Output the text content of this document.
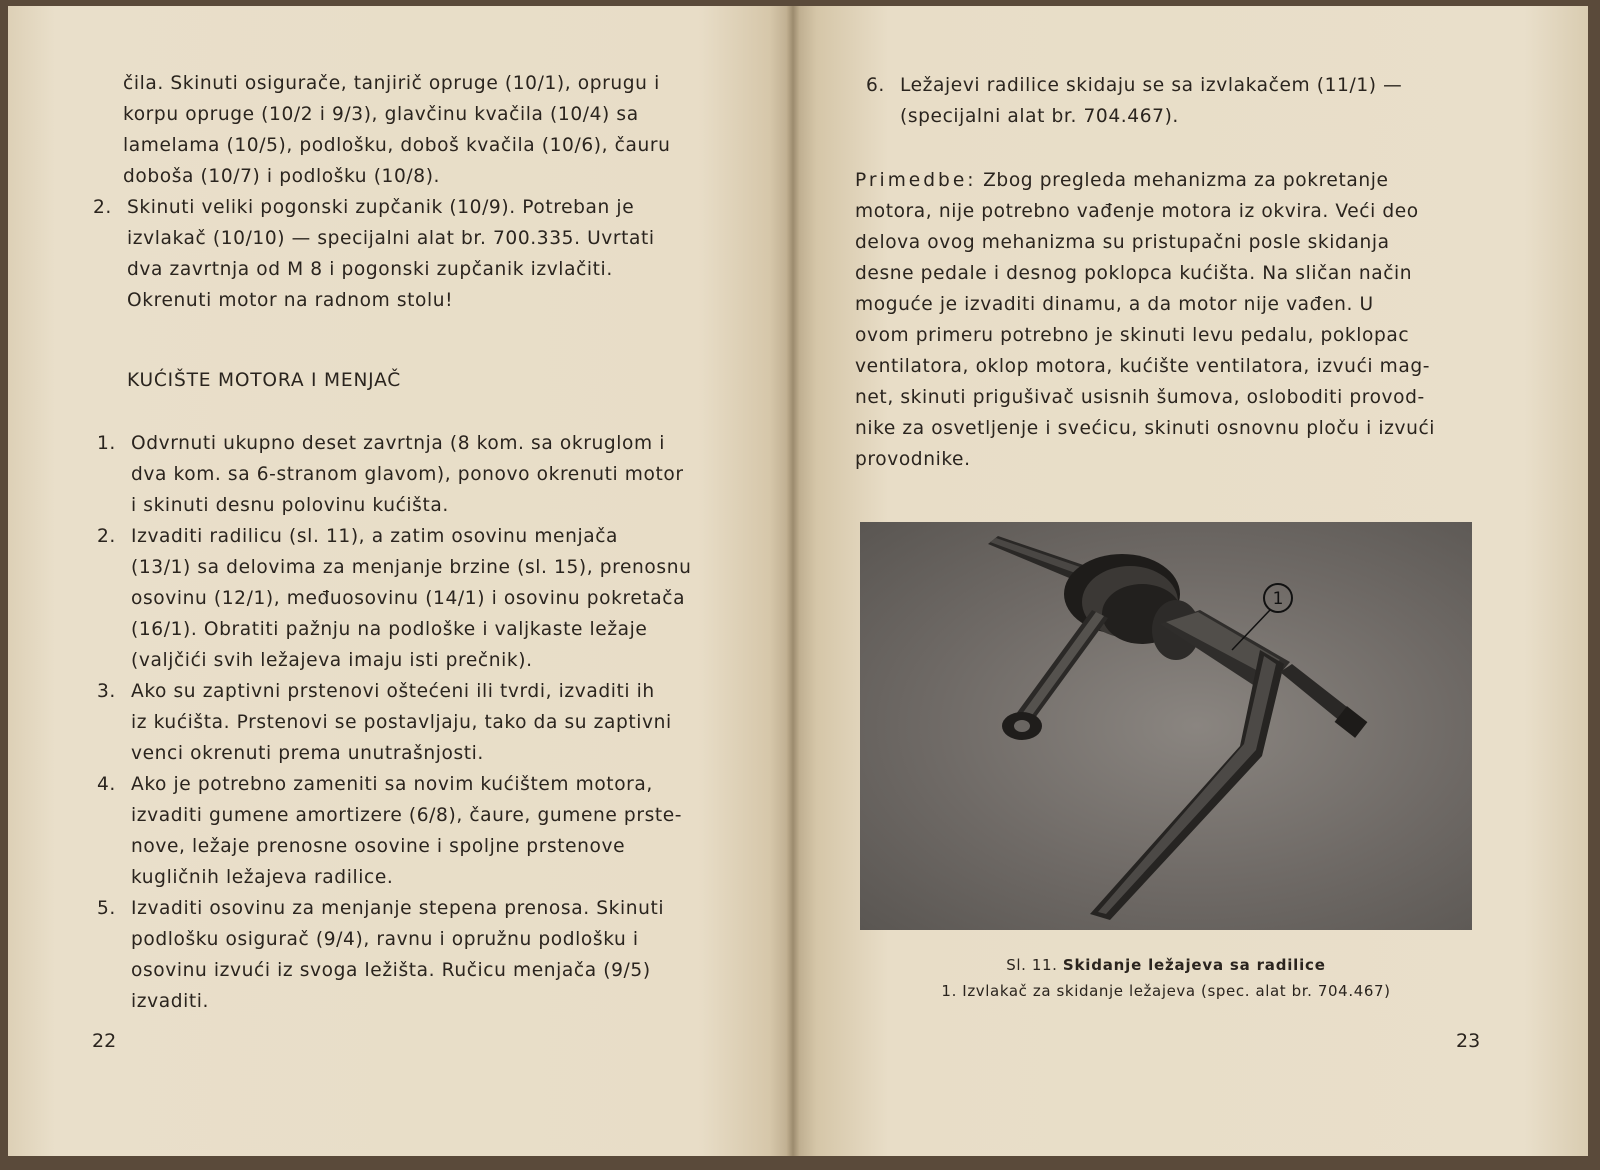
čila. Skinuti osigurače, tanjirič opruge (10/1), oprugu i
korpu opruge (10/2 i 9/3), glavčinu kvačila (10/4) sa
lamelama (10/5), podlošku, doboš kvačila (10/6), čauru
doboša (10/7) i podlošku (10/8).
2. Skinuti veliki pogonski zupčanik (10/9). Potreban je
izvlakač (10/10) — specijalni alat br. 700.335. Uvrtati
dva zavrtnja od M 8 i pogonski zupčanik izvlačiti.
Okrenuti motor na radnom stolu!
KUĆIŠTE MOTORA I MENJAČ
1. Odvrnuti ukupno deset zavrtnja (8 kom. sa okruglom i
dva kom. sa 6-stranom glavom), ponovo okrenuti motor
i skinuti desnu polovinu kućišta.
2. Izvaditi radilicu (sl. 11), a zatim osovinu menjača
(13/1) sa delovima za menjanje brzine (sl. 15), prenosnu
osovinu (12/1), međuosovinu (14/1) i osovinu pokretača
(16/1). Obratiti pažnju na podloške i valjkaste ležaje
(valjčići svih ležajeva imaju isti prečnik).
3. Ako su zaptivni prstenovi oštećeni ili tvrdi, izvaditi ih
iz kućišta. Prstenovi se postavljaju, tako da su zaptivni
venci okrenuti prema unutrašnjosti.
4. Ako je potrebno zameniti sa novim kućištem motora,
izvaditi gumene amortizere (6/8), čaure, gumene prste-
nove, ležaje prenosne osovine i spoljne prstenove
kugličnih ležajeva radilice.
5. Izvaditi osovinu za menjanje stepena prenosa. Skinuti
podlošku osigurač (9/4), ravnu i opružnu podlošku i
osovinu izvući iz svoga ležišta. Ručicu menjača (9/5)
izvaditi.
22
6. Ležajevi radilice skidaju se sa izvlakačem (11/1) —
(specijalni alat br. 704.467).
Primedbe: Zbog pregleda mehanizma za pokretanje
motora, nije potrebno vađenje motora iz okvira. Veći deo
delova ovog mehanizma su pristupačni posle skidanja
desne pedale i desnog poklopca kućišta. Na sličan način
moguće je izvaditi dinamu, a da motor nije vađen. U
ovom primeru potrebno je skinuti levu pedalu, poklopac
ventilatora, oklop motora, kućište ventilatora, izvući mag-
net, skinuti prigušivač usisnih šumova, osloboditi provod-
nike za osvetljenje i svećicu, skinuti osnovnu ploču i izvući
provodnike.
1
Sl. 11. Skidanje ležajeva sa radilice
1. Izvlakač za skidanje ležajeva (spec. alat br. 704.467)
23
